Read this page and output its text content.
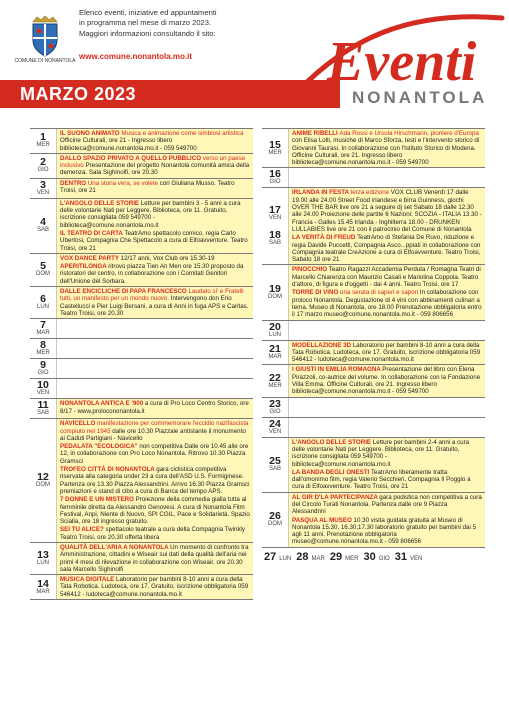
COMUNE DI NONANTOLA
Elenco eventi, iniziative ed appuntamenti
in programma nel mese di marzo 2023.
Maggiori informazioni consultando il sito:
www.comune.nonantola.mo.it
MARZO 2023
Eventi
NONANTOLA
1
MER
IL SUONO ANIMATO Musica e animazione come simbiosi artistica Officine Culturali, ore 21 - Ingresso libero biblioteca@comune.nonantola.mo.it - 059 549700
2
GIO
DALLO SPAZIO PRIVATO A QUELLO PUBBLICO verso un paese inclusivo Presentazione del progetto Nonantola comunità amica della demenza. Sala Sighinolfi, ore 20.30
3
VEN
DENTRO Una storia vera, se volete con Giuliana Musso. Teatro Troisi, ore 21
4
SAB
L'ANGOLO DELLE STORIE Letture per bambini 3 - 5 anni a cura delle volontarie Nati per Leggere. Biblioteca, ore 11. Gratuito, iscrizione consigliata 059 549700 - biblioteca@comune.nonantola.mo.it
IL TEATRO DI CARTA TeatrAmo spettacolo comico, regia Carlo Ubertosi, Compagnia Che Spettacolo a cura di Elfoavventure. Teatro Troisi, ore 21
5
DOM
VOX DANCE PARTY 12/17 anni, Vox Club ore 15.30-19
APERITILONGA ritrovo piazza Tien An Men ore 15.30 proposto da ristoratori del centro, in collaborazione con i Comitati Genitori dell'Unione del Sorbara.
6
LUN
DALLE ENCICLICHE DI PAPA FRANCESCO Laudato si' e Fratelli tutti, un manifesto per un mondo nuovo. Intervengono don Erio Castellucci e Pier Luigi Bersani, a cura di Anni in fuga APS e Caritas. Teatro Troisi, ore 20.30
7
MAR
8
MER
9
GIO
10
VEN
11
SAB
NONANTOLA ANTICA E '900 a cura di Pro Loco Centro Storico, ore 8/17 - www.prolocononantola.it
12
DOM
NAVICELLO manifestazione per commemorare l'eccidio nazifascista compiuto nel 1945 dalle ore 10.30 Piazzale antistante il monumento ai Caduti Partigiani - Navicello
PEDALATA "ECOLOGICA" non competitiva Dalle ore 10.45 alle ore 12, in collaborazione con Pro Loco Nonantola. Ritrovo 10.30 Piazza Gramsci
TROFEO CITTÀ DI NONANTOLA gara ciclistica competitiva riservata alla categoria under 23 a cura dell'ASD U.S. Formiginese. Partenza ore 13.30 Piazza Alessandrini. Arrivo 16.30 Piazza Gramsci premiazioni e stand di cibo a cura di Banca del tempo APS.
7 DONNE E UN MISTERO Proiezione della commedia gialla tutta al femminile diretta da Alessandro Genovesi. A cura di Nonantola Film Festival, Anpi, Niente di Nuovo, SPI CGIL, Pace e Solidarietà. Spazio Scialla, ore 18 ingresso gratuito.
SEI TU ALICE? spettacolo teatrale a cura della Compagnia Twinkly Teatro Troisi, ore 20.30 offerta libera
13
LUN
QUALITÀ DELL'ARIA A NONANTOLA Un momento di confronto tra Amministrazione, cittadini e Wiseair sui dati della qualità dell'aria nei primi 4 mesi di rilevazione in collaborazione con Wiseair. ore 20.30 sala Marcello Sighinolfi
14
MAR
MUSICA DIGITALE Laboratorio per bambini 8-10 anni a cura della Tata Robotica. Ludoteca, ore 17. Gratuito, iscrizione obbligatoria 059 546412 - ludoteca@comune.nonantola.mo.it
15
MER
ANIME RIBELLI Ada Rossi e Ursula Hirschmann, pioniere d'Europa con Elisa Lolli, musiche di Marco Sforza, testi e l'intervento storico di Giovanni Taurasi. In collaborazione con l'Istituto Storico di Modena. Officine Culturali, ore 21. Ingresso libero biblioteca@comune.nonantola.mo.it - 059 549700
16
GIO
17
VEN
18
SAB
IRLANDA IN FESTA terza edizione VOX CLUB Venerdì 17 dalle 19.00 alle 24.00 Street Food irlandese e birra Guinness, giochi OVER THE BAR live ore 21 a seguire dj set Sabato 18 dalle 12.30 alle 24.00 Proiezione delle partite 6 Nazioni: SCOZIA - ITALIA 13.30 - Francia - Galles 15.45 Irlanda - Inghilterra 18.00 - DRUNKEN LULLABIES live ore 21 con il patrocinio del Comune di Nonantola
LA VERITÀ DI FREUD TeatrAmo di Stefania De Ruvo, riduzione e regia Davide Puccetti, Compagnia Asco...ppiati in collaborazione con Compagnia teatrale CreAzione a cura di Elfoavventure. Teatro Troisi, Sabato 18 ore 21
19
DOM
PINOCCHIO Teatro Ragazzi Accademia Perduta / Romagna Teatri di Marcello Chiarenza con Maurizio Casali e Mariolina Coppola. Teatro d'attore, di figura e d'oggetti - dai 4 anni. Teatro Troisi, ore 17
TORRE DI VINO una serata di saperi e sapori In collaborazione con proloco Nonantola. Degustazione di 4 vini con abbinamenti culinari a tema. Museo di Nonantola, ore 18.00 Prenotazione obbligatoria entro il 17 marzo museo@comune.nonantola.mo.it - 059 806656
20
LUN
21
MAR
MODELLAZIONE 3D Laboratorio per bambini 8-10 anni a cura della Tata Robotica. Ludoteca, ore 17. Gratuito, iscrizione obbligatoria 059 546412 - ludoteca@comune.nonantola.mo.it
22
MER
I GIUSTI IN EMILIA ROMAGNA Presentazione del libro con Elena Pirazzoli, co-autrice del volume. In collaborazione con la Fondazione Villa Emma. Officine Culturali, ore 21. Ingresso libero biblioteca@comune.nonantola.mo.it - 059 549700
23
GIO
24
VEN
25
SAB
L'ANGOLO DELLE STORIE Letture per bambini 2-4 anni a cura delle volontarie Nati per Leggere. Biblioteca, ore 11. Gratuito, iscrizione consigliata 059 549700 - biblioteca@comune.nonantola.mo.it
LA BANDA DEGLI ONESTI TeatrAmo liberamente tratta dall'omonimo film, regia Valerio Secchieri, Compagnia Il Poggio a cura di Elfoavventure. Teatro Troisi, ore 21
26
DOM
AL GIR D'LA PARTECIPANZA gara podistica non competitiva a cura del Circolo Turati Nonantola. Partenza dalle ore 9 Piazza Alessandrini
PASQUA AL MUSEO 10.30 visita guidata gratuita al Museo di Nonantola 15.30, 16.30,17.30 laboratorio gratuito per bambini dai 5 agli 11 anni. Prenotazione obbligatoria museo@comune.nonantola.mo.it - 059 806656
27 LUN 28 MAR 29 MER 30 GIO 31 VEN
